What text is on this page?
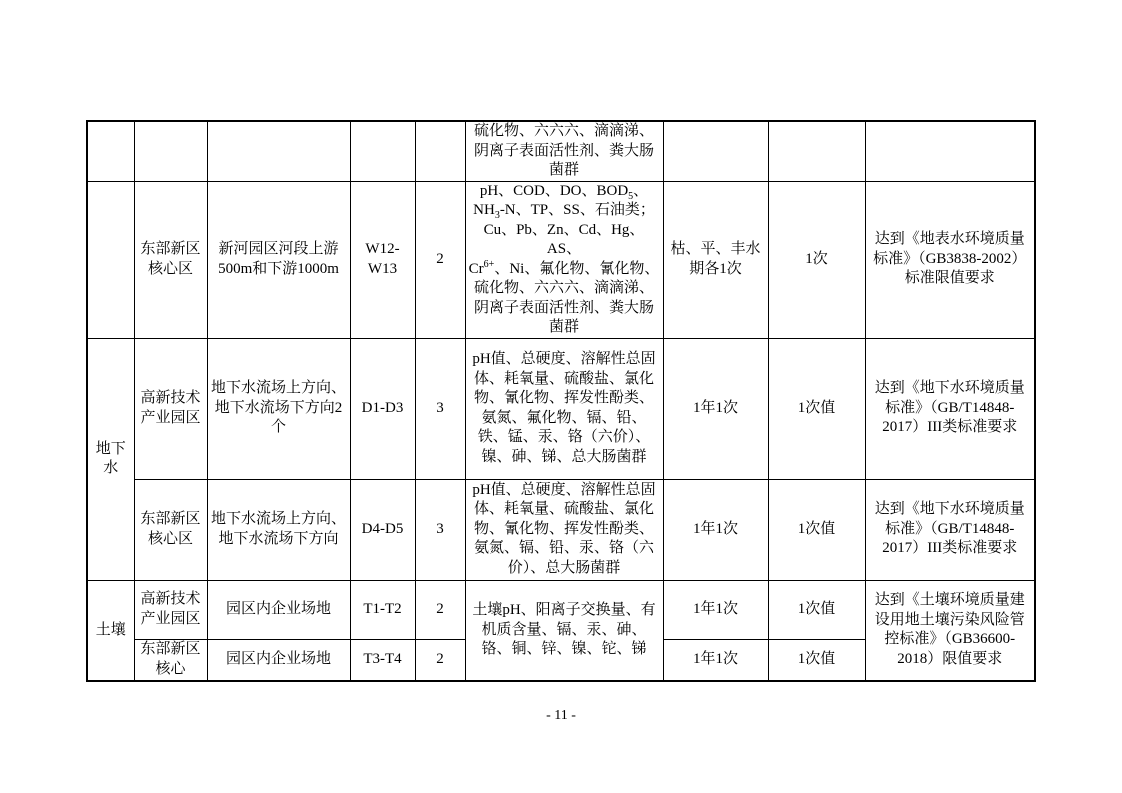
					硫化物、六六六、滴滴涕、阴离子表面活性剂、粪大肠菌群			
	东部新区核心区	新河园区河段上游500m和下游1000m	W12-W13	2	pH、COD、DO、$BOD_5$、
$NH_3-N$、TP、SS、石油类；
Cu、Pb、Zn、Cd、Hg、AS、
$Cr^{6+}$、Ni、氟化物、氰化物、
硫化物、六六六、滴滴涕、阴离子表面活性剂、粪大肠菌群	枯、平、丰水期各1次	1次	达到《地表水环境质量标准》（GB3838-2002）标准限值要求
地下水	高新技术产业园区	地下水流场上方向、地下水流场下方向2个	D1-D3	3	pH值、总硬度、溶解性总固体、耗氧量、硫酸盐、氯化物、氰化物、挥发性酚类、氨氮、氟化物、镉、铅、铁、锰、汞、铬（六价）、镍、砷、锑、总大肠菌群	1年1次	1次值	达到《地下水环境质量标准》（GB/T14848-2017）III类标准要求
	东部新区核心区	地下水流场上方向、地下水流场下方向	D4-D5	3	pH值、总硬度、溶解性总固体、耗氧量、硫酸盐、氯化物、氰化物、挥发性酚类、氨氮、镉、铅、汞、铬（六价）、总大肠菌群	1年1次	1次值	达到《地下水环境质量标准》（GB/T14848-2017）III类标准要求
土壤	高新技术产业园区	园区内企业场地	T1-T2	2	土壤pH、阳离子交换量、有机质含量、镉、汞、砷、铬、铜、锌、镍、铊、锑	1年1次	1次值	达到《土壤环境质量建设用地土壤污染风险管控标准》（GB36600-2018）限值要求
	东部新区核心	园区内企业场地	T3-T4	2		1年1次	1次值	
- 11 -
